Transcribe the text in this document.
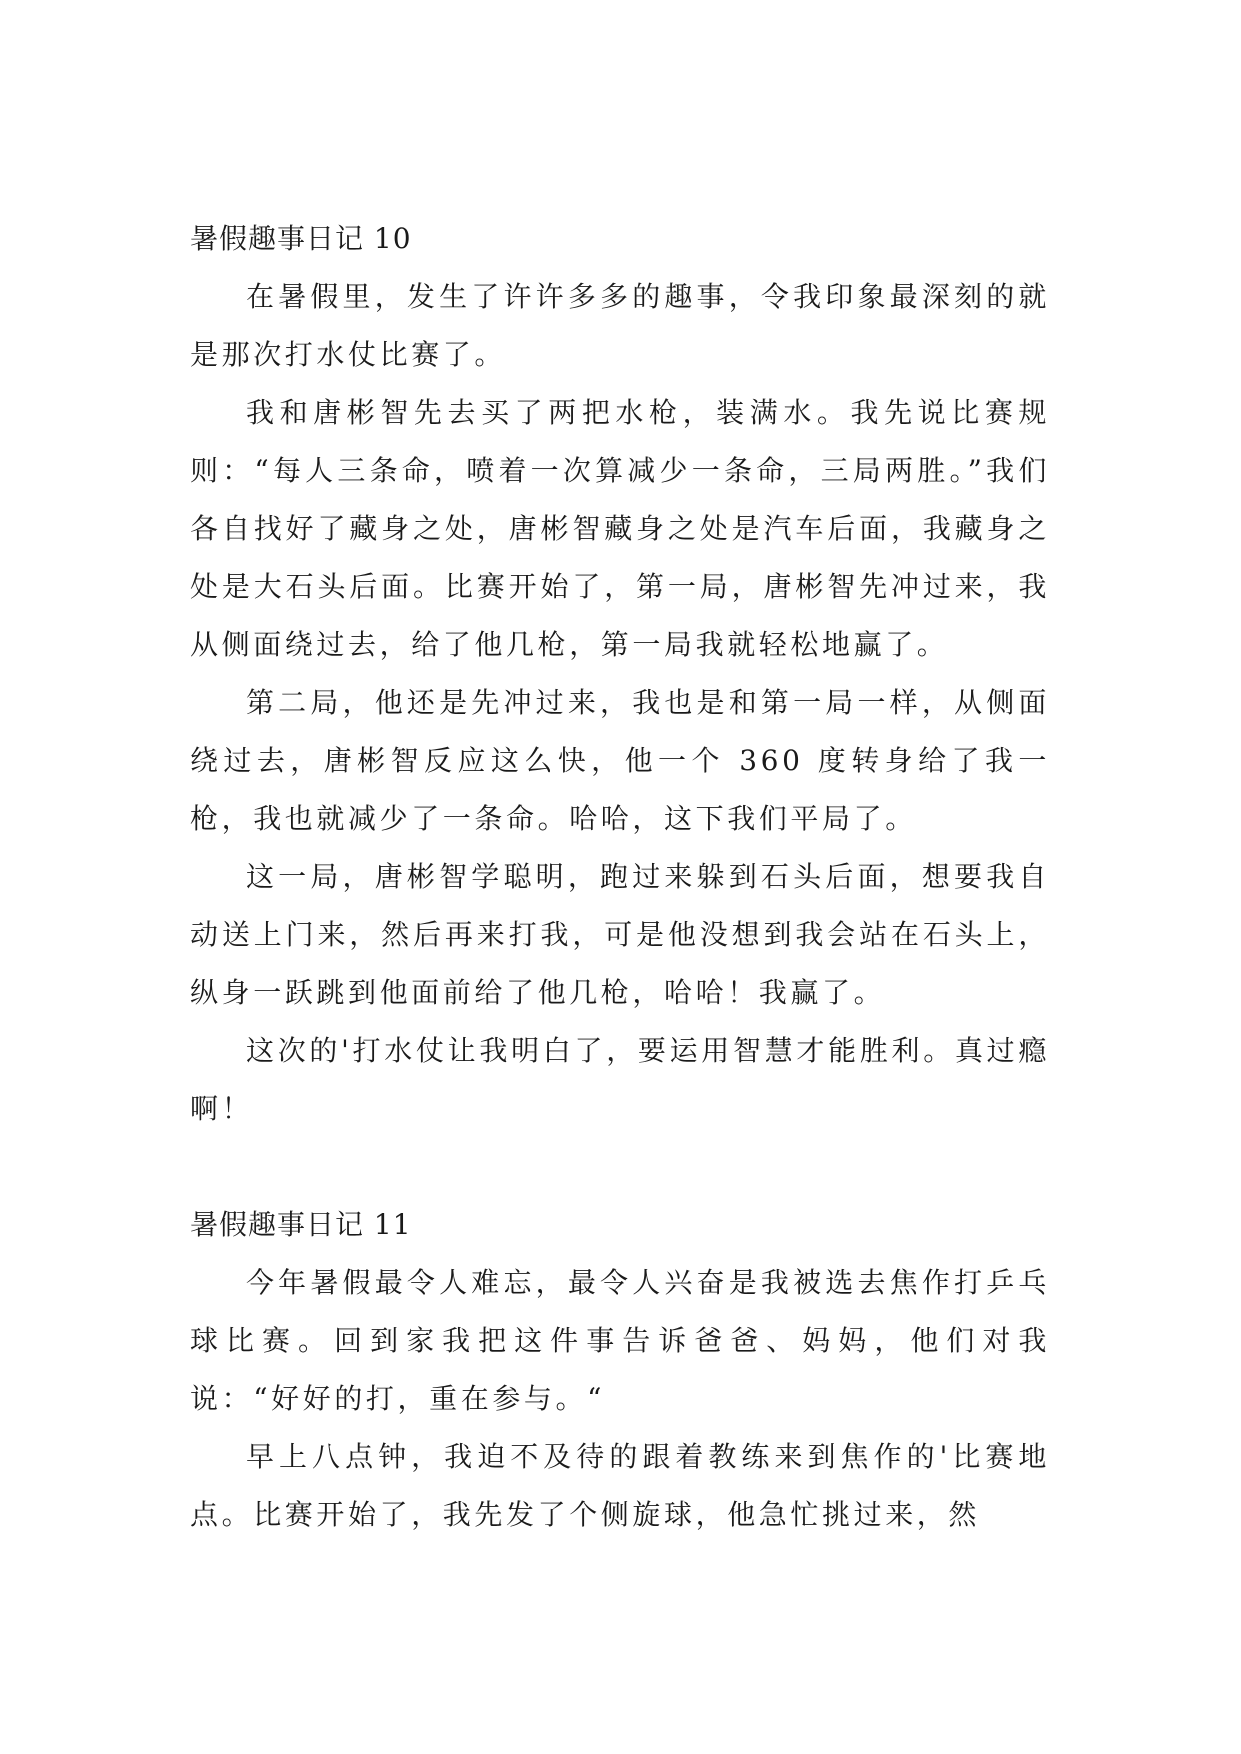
暑假趣事日记 10

在暑假里，发生了许许多多的趣事，令我印象最深刻的就是那次打水仗比赛了。

我和唐彬智先去买了两把水枪，装满水。我先说比赛规则：“每人三条命，喷着一次算减少一条命，三局两胜。”我们各自找好了藏身之处，唐彬智藏身之处是汽车后面，我藏身之处是大石头后面。比赛开始了，第一局，唐彬智先冲过来，我从侧面绕过去，给了他几枪，第一局我就轻松地赢了。

第二局，他还是先冲过来，我也是和第一局一样，从侧面绕过去，唐彬智反应这么快，他一个 360 度转身给了我一枪，我也就减少了一条命。哈哈，这下我们平局了。

这一局，唐彬智学聪明，跑过来躲到石头后面，想要我自动送上门来，然后再来打我，可是他没想到我会站在石头上，纵身一跃跳到他面前给了他几枪，哈哈！我赢了。

这次的'打水仗让我明白了，要运用智慧才能胜利。真过瘾啊！

暑假趣事日记 11

今年暑假最令人难忘，最令人兴奋是我被选去焦作打乒乓球比赛。回到家我把这件事告诉爸爸、妈妈，他们对我说：“好好的打，重在参与。“

早上八点钟，我迫不及待的跟着教练来到焦作的'比赛地点。比赛开始了，我先发了个侧旋球，他急忙挑过来，然
